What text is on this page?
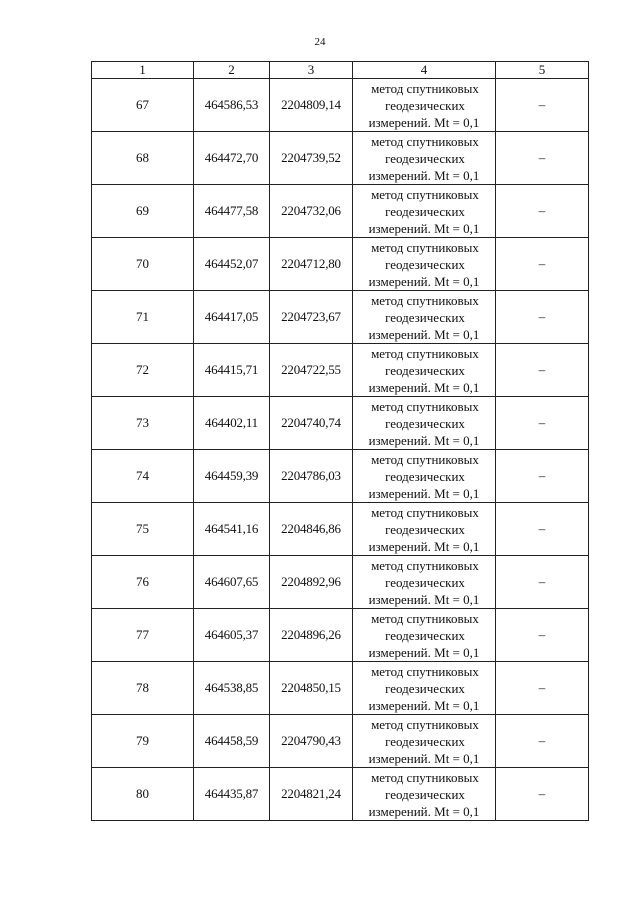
24
1	2	3	4	5
67	464586,53	2204809,14	метод спутниковых
геодезических
измерений. Mt = 0,1	–
68	464472,70	2204739,52	метод спутниковых
геодезических
измерений. Mt = 0,1	–
69	464477,58	2204732,06	метод спутниковых
геодезических
измерений. Mt = 0,1	–
70	464452,07	2204712,80	метод спутниковых
геодезических
измерений. Mt = 0,1	–
71	464417,05	2204723,67	метод спутниковых
геодезических
измерений. Mt = 0,1	–
72	464415,71	2204722,55	метод спутниковых
геодезических
измерений. Mt = 0,1	–
73	464402,11	2204740,74	метод спутниковых
геодезических
измерений. Mt = 0,1	–
74	464459,39	2204786,03	метод спутниковых
геодезических
измерений. Mt = 0,1	–
75	464541,16	2204846,86	метод спутниковых
геодезических
измерений. Mt = 0,1	–
76	464607,65	2204892,96	метод спутниковых
геодезических
измерений. Mt = 0,1	–
77	464605,37	2204896,26	метод спутниковых
геодезических
измерений. Mt = 0,1	–
78	464538,85	2204850,15	метод спутниковых
геодезических
измерений. Mt = 0,1	–
79	464458,59	2204790,43	метод спутниковых
геодезических
измерений. Mt = 0,1	–
80	464435,87	2204821,24	метод спутниковых
геодезических
измерений. Mt = 0,1	–
